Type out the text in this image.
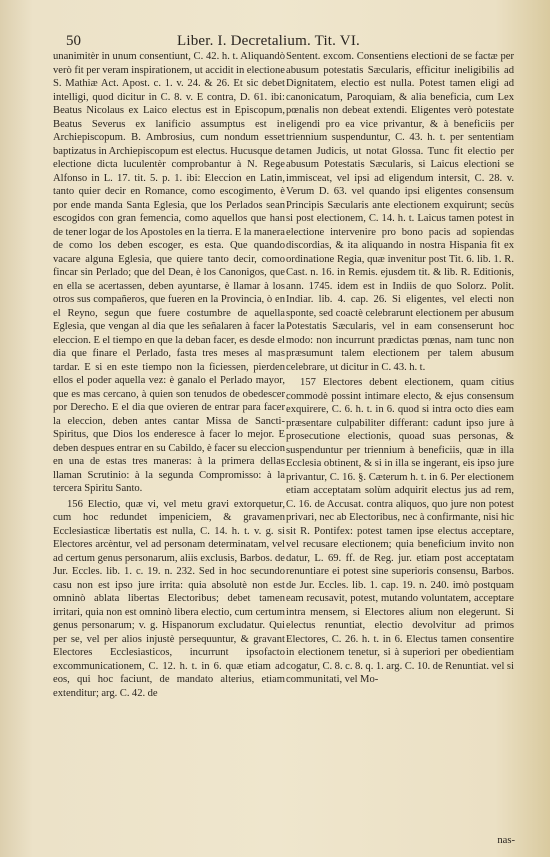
50	Liber. I. Decretalium. Tit. VI.

unanimitèr in unum consentiunt, C. 42. h. t. Aliquandò verò fit per veram inspirationem, ut accidit in electione S. Mathiæ Act. Apost. c. 1. v. 24. & 26. Et sic debet intelligi, quod dicitur in C. 8. v. E contra, D. 61. ibi: Beatus Nicolaus ex Laico electus est in Episcopum, Beatus Severus ex lanificio assumptus est in Archiepiscopum. B. Ambrosius, cum nondum esset baptizatus in Archiepiscopum est electus. Hucusque de electione dicta luculentèr comprobantur à N. Rege Alfonso in L. 17. tit. 5. p. 1. ibi: Eleccion en Latin, tanto quier decir en Romance, como escogimento, è por ende manda Santa Eglesia, que los Perlados sean escogidos con gran femencia, como aquellos que han de tener logar de los Apostoles en la tierra. E la manera de como los deben escoger, es esta. Que quando vacare alguna Eglesia, que quiere tanto decir, como fincar sin Perlado; que del Dean, è los Canonigos, que en ella se acertassen, deben ayuntarse, è llamar à los otros sus compañeros, que fueren en la Provincia, ò en el Reyno, segun que fuere costumbre de aquella Eglesia, que vengan al dia que les señalaren à facer la eleccion. E el tiempo en que la deban facer, es desde el dia que finare el Perlado, fasta tres meses al mas tardar. E si en este tiempo non la ficiessen, pierden ellos el poder aquella vez: è ganalo el Perlado mayor, que es mas cercano, à quien son tenudos de obedescer por Derecho. E el dia que ovieren de entrar para facer la eleccion, deben antes cantar Missa de Sancti-Spiritus, que Dios los enderesce à facer lo mejor. E deben despues entrar en su Cabildo, è facer su eleccion en una de estas tres maneras: à la primera dellas llaman Scrutinio: à la segunda Compromisso: à la tercera Spiritu Santo.

156 Electio, quæ vi, vel metu gravi extorquetur, cum hoc redundet impeniciem, & gravamen Ecclesiasticæ libertatis est nulla, C. 14. h. t. v. g. si Electores arcèntur, vel ad personam determinatam, vel ad certum genus personarum, aliis exclusis, Barbos. de Jur. Eccles. lib. 1. c. 19. n. 232. Sed in hoc secundo casu non est ipso jure irrita: quia absolutè non est omninò ablata libertas Electoribus; debet tamen irritari, quia non est omninò libera electio, cum certum genus personarum; v. g. Hispanorum excludatur. Qui per se, vel per alios injustè persequuntur, & gravant Electores Ecclesiasticos, incurrunt ipsofacto excommunicationem, C. 12. h. t. in 6. quæ etiam ad eos, qui hoc faciunt, de mandato alterius, etiam extenditur; arg. C. 42. de

Sentent. excom. Consentiens electioni de se factæ per abusum potestatis Sæcularis, efficitur ineligibilis ad Dignitatem, electio est nulla. Potest tamen eligi ad canonicatum, Paroquiam, & alia beneficia, cum Lex pœnalis non debeat extendi. Eligentes verò potestate eligendi pro ea vice privantur, & à beneficiis per triennium suspenduntur, C. 43. h. t. per sententiam tamen Judicis, ut notat Glossa. Tunc fit electio per abusum Potestatis Sæcularis, si Laicus electioni se immisceat, vel ipsi ad eligendum intersit, C. 28. v. Verum D. 63. vel quando ipsi eligentes consensum Principis Sæcularis ante electionem exquirunt; secùs si post electionem, C. 14. h. t. Laicus tamen potest in electione intervenire pro bono pacis ad sopiendas discordias, & ita aliquando in nostra Hispania fit ex ordinatione Regia, quæ invenitur post Tit. 6. lib. 1. R. Cast. n. 16. in Remis. ejusdem tit. & lib. R. Editionis, ann. 1745. idem est in Indiis de quo Solorz. Polit. Indiar. lib. 4. cap. 26. Si eligentes, vel electi non sponte, sed coactè celebrarunt electionem per abusum Potestatis Sæcularis, vel in eam consenserunt hoc modo: non incurrunt prædictas pœnas, nam tunc non præsumunt talem electionem per talem abusum celebrare, ut dicitur in C. 43. h. t.

157 Electores debent electionem, quam citius commodè possint intimare electo, & ejus consensum exquirere, C. 6. h. t. in 6. quod si intra octo dies eam præsentare culpabiliter differant: cadunt ipso jure à prosecutione electionis, quoad suas personas, & suspenduntur per triennium à beneficiis, quæ in illa Ecclesia obtinent, & si in illa se ingerant, eis ipso jure privantur, C. 16. §. Cæterum h. t. in 6. Per electionem etiam acceptatam solùm adquirit electus jus ad rem, C. 16. de Accusat. contra aliquos, quo jure non potest privari, nec ab Electoribus, nec à confirmante, nisi hic sit R. Pontifex: potest tamen ipse electus acceptare, vel recusare electionem; quia beneficium invito non datur, L. 69. ff. de Reg. jur. etiam post acceptatam renuntiare ei potest sine superioris consensu, Barbos. de Jur. Eccles. lib. 1. cap. 19. n. 240. imò postquam eam recusavit, potest, mutando voluntatem, acceptare intra mensem, si Electores alium non elegerunt. Si electus renuntiat, electio devolvitur ad primos Electores, C. 26. h. t. in 6. Electus tamen consentire in electionem tenetur, si à superiori per obedientiam cogatur, C. 8. c. 8. q. 1. arg. C. 10. de Renuntiat. vel si communitati, vel Mo-

nas-
